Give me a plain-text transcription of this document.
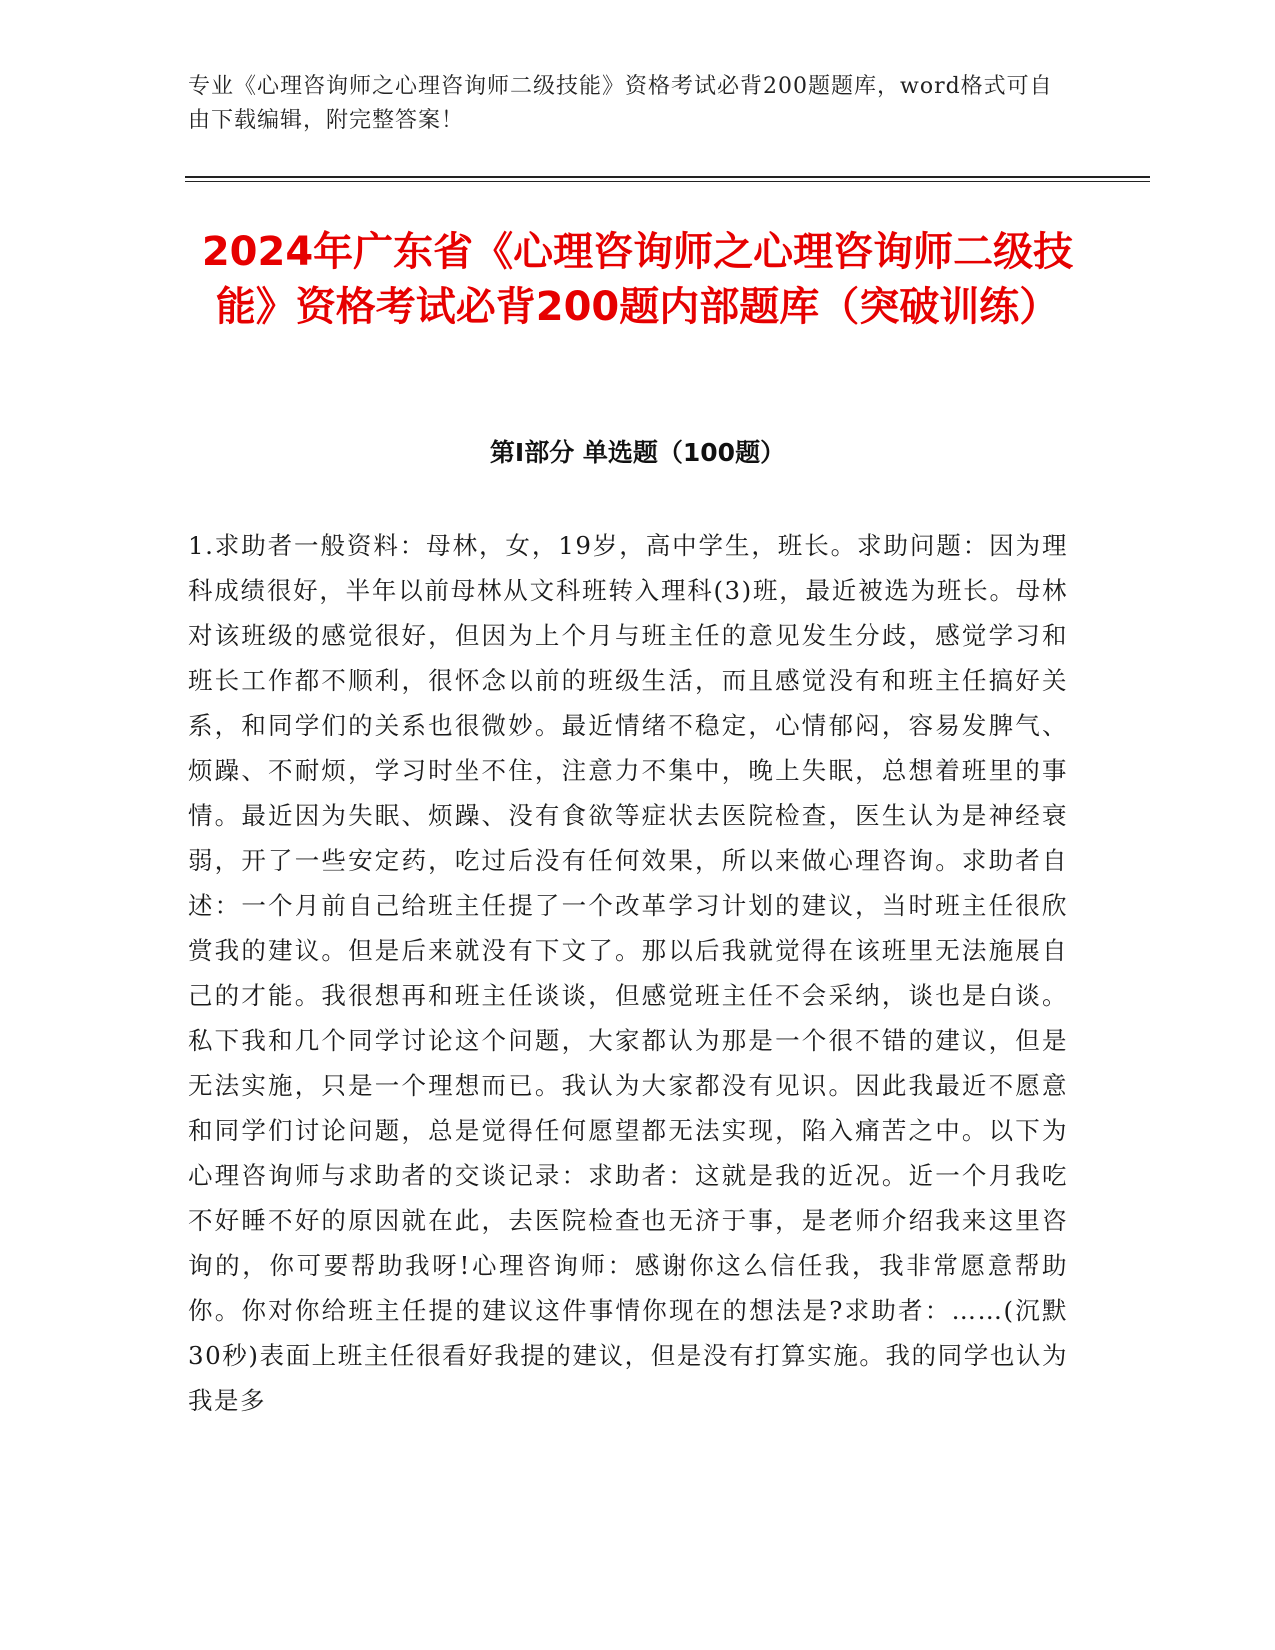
专业《心理咨询师之心理咨询师二级技能》资格考试必背200题题库，word格式可自由下载编辑，附完整答案！
2024年广东省《心理咨询师之心理咨询师二级技能》资格考试必背200题内部题库（突破训练）
第Ⅰ部分 单选题（100题）

1.求助者一般资料：母林，女，19岁，高中学生，班长。求助问题：因为理科成绩很好，半年以前母林从文科班转入理科(3)班，最近被选为班长。母林对该班级的感觉很好，但因为上个月与班主任的意见发生分歧，感觉学习和班长工作都不顺利，很怀念以前的班级生活，而且感觉没有和班主任搞好关系，和同学们的关系也很微妙。最近情绪不稳定，心情郁闷，容易发脾气、烦躁、不耐烦，学习时坐不住，注意力不集中，晚上失眠，总想着班里的事情。最近因为失眠、烦躁、没有食欲等症状去医院检查，医生认为是神经衰弱，开了一些安定药，吃过后没有任何效果，所以来做心理咨询。求助者自述：一个月前自己给班主任提了一个改革学习计划的建议，当时班主任很欣赏我的建议。但是后来就没有下文了。那以后我就觉得在该班里无法施展自己的才能。我很想再和班主任谈谈，但感觉班主任不会采纳，谈也是白谈。私下我和几个同学讨论这个问题，大家都认为那是一个很不错的建议，但是无法实施，只是一个理想而已。我认为大家都没有见识。因此我最近不愿意和同学们讨论问题，总是觉得任何愿望都无法实现，陷入痛苦之中。以下为心理咨询师与求助者的交谈记录：求助者：这就是我的近况。近一个月我吃不好睡不好的原因就在此，去医院检查也无济于事，是老师介绍我来这里咨询的，你可要帮助我呀!心理咨询师：感谢你这么信任我，我非常愿意帮助你。你对你给班主任提的建议这件事情你现在的想法是?求助者：……(沉默30秒)表面上班主任很看好我提的建议，但是没有打算实施。我的同学也认为我是多
